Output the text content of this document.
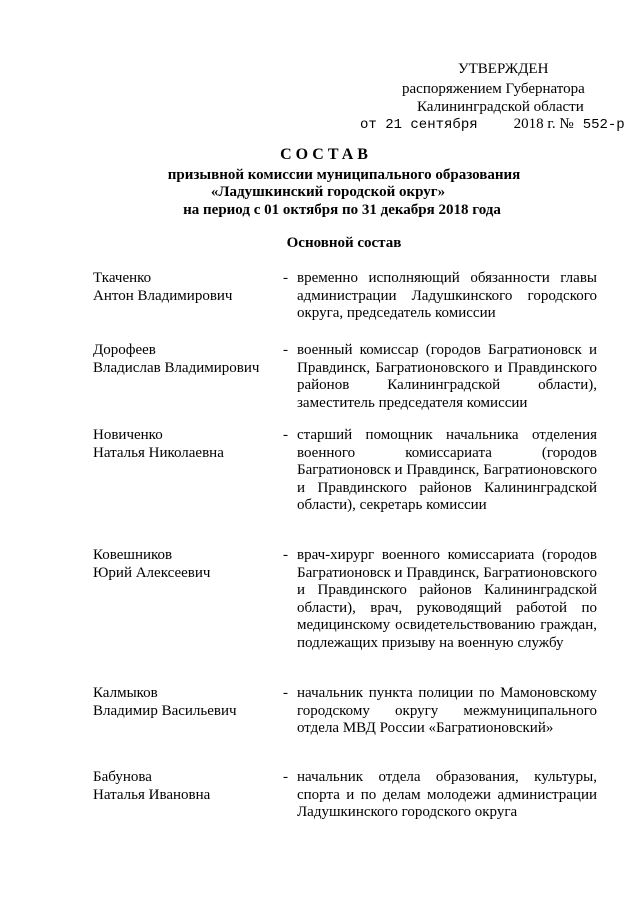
УТВЕРЖДЕН
распоряжением Губернатора
Калининградской области
от 21 сентября 2018 г. № 552-р
СОСТАВ
призывной комиссии муниципального образования
«Ладушкинский городской округ»
на период с 01 октября по 31 декабря 2018 года
Основной состав
Ткаченко
Антон Владимирович
- временно исполняющий обязанности главы администрации Ладушкинского городского округа, председатель комиссии
Дорофеев
Владислав Владимирович
- военный комиссар (городов Багратионовск и Правдинск, Багратионовского и Правдинского районов Калининградской области), заместитель председателя комиссии
Новиченко
Наталья Николаевна
- старший помощник начальника отделения военного комиссариата (городов Багратионовск и Правдинск, Багратионовского и Правдинского районов Калининградской области), секретарь комиссии
Ковешников
Юрий Алексеевич
- врач-хирург военного комиссариата (городов Багратионовск и Правдинск, Багратионовского и Правдинского районов Калининградской области), врач, руководящий работой по медицинскому освидетельствованию граждан, подлежащих призыву на военную службу
Калмыков
Владимир Васильевич
- начальник пункта полиции по Мамоновскому городскому округу межмуниципального отдела МВД России «Багратионовский»
Бабунова
Наталья Ивановна
- начальник отдела образования, культуры, спорта и по делам молодежи администрации Ладушкинского городского округа
